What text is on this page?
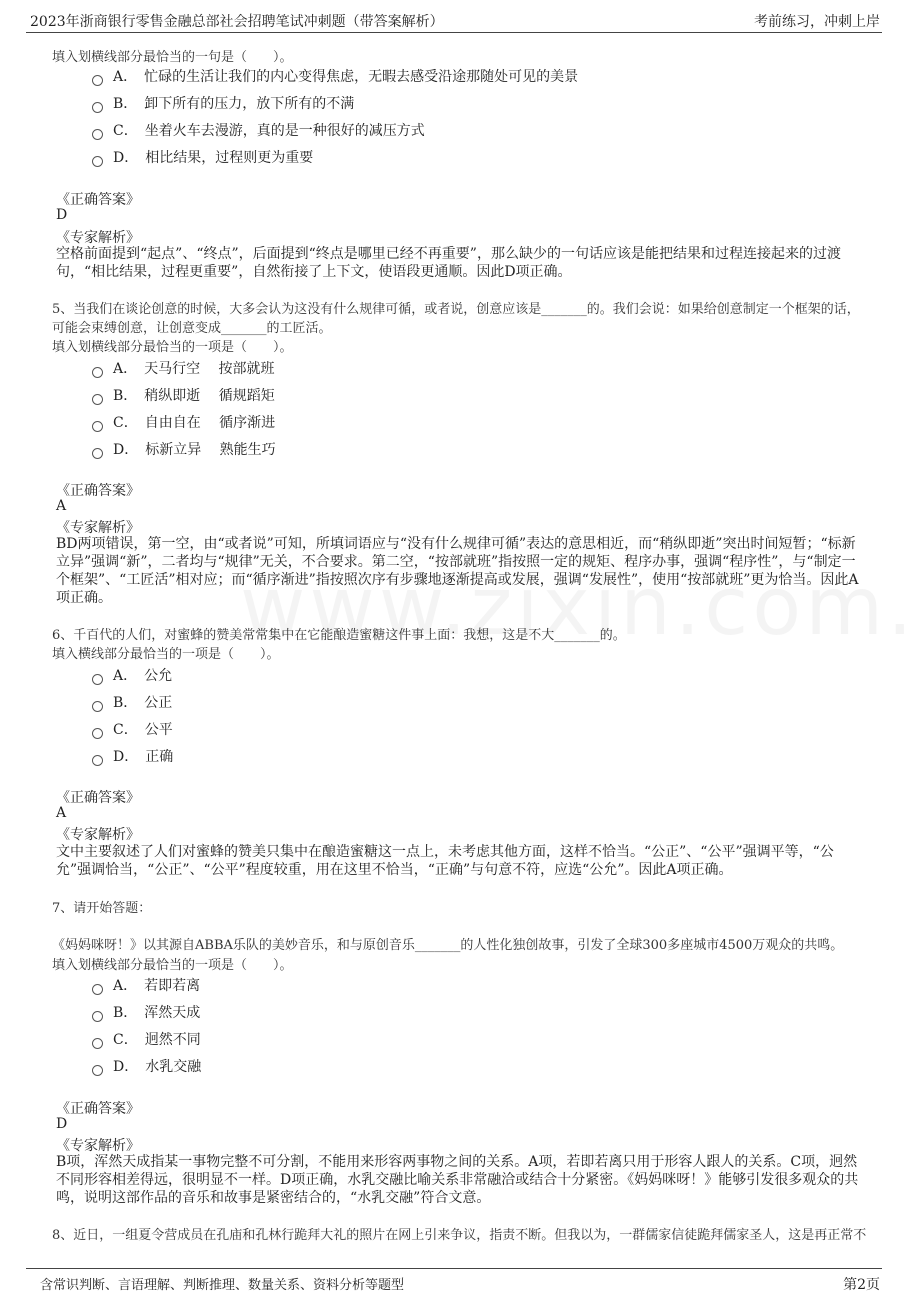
2023年浙商银行零售金融总部社会招聘笔试冲刺题（带答案解析）	考前练习，冲刺上岸
填入划横线部分最恰当的一句是（　　）。
A．　忙碌的生活让我们的内心变得焦虑，无暇去感受沿途那随处可见的美景
B．　卸下所有的压力，放下所有的不满
C．　坐着火车去漫游，真的是一种很好的减压方式
D．　相比结果，过程则更为重要
《正确答案》
D
《专家解析》
空格前面提到“起点”、“终点”，后面提到“终点是哪里已经不再重要”，那么缺少的一句话应该是能把结果和过程连接起来的过渡句，“相比结果，过程更重要”，自然衔接了上下文，使语段更通顺。因此D项正确。
5、当我们在谈论创意的时候，大多会认为这没有什么规律可循，或者说，创意应该是_______的。我们会说：如果给创意制定一个框架的话，
可能会束缚创意，让创意变成_______的工匠活。
填入划横线部分最恰当的一项是（　　）。
A．　天马行空　 按部就班
B．　稍纵即逝　 循规蹈矩
C．　自由自在　 循序渐进
D．　标新立异　 熟能生巧
《正确答案》
A
《专家解析》
BD两项错误，第一空，由“或者说”可知，所填词语应与“没有什么规律可循”表达的意思相近，而“稍纵即逝”突出时间短暂；“标新立异”强调“新”，二者均与“规律”无关，不合要求。第二空，“按部就班”指按照一定的规矩、程序办事，强调“程序性”，与“制定一个框架”、“工匠活”相对应；而“循序渐进”指按照次序有步骤地逐渐提高或发展，强调“发展性”，使用“按部就班”更为恰当。因此A项正确。
6、千百代的人们，对蜜蜂的赞美常常集中在它能酿造蜜糖这件事上面：我想，这是不大_______的。
填入横线部分最恰当的一项是（　　）。
A．　公允
B．　公正
C．　公平
D．　正确
《正确答案》
A
《专家解析》
文中主要叙述了人们对蜜蜂的赞美只集中在酿造蜜糖这一点上，未考虑其他方面，这样不恰当。“公正”、“公平”强调平等，“公允”强调恰当，“公正”、“公平”程度较重，用在这里不恰当，“正确”与句意不符，应选“公允”。因此A项正确。
7、请开始答题：
《妈妈咪呀！》以其源自ABBA乐队的美妙音乐，和与原创音乐_______的人性化独创故事，引发了全球300多座城市4500万观众的共鸣。
填入划横线部分最恰当的一项是（　　）。
A．　若即若离
B．　浑然天成
C．　迥然不同
D．　水乳交融
《正确答案》
D
《专家解析》
B项，浑然天成指某一事物完整不可分割，不能用来形容两事物之间的关系。A项，若即若离只用于形容人跟人的关系。C项，迥然不同形容相差得远，很明显不一样。D项正确，水乳交融比喻关系非常融洽或结合十分紧密。《妈妈咪呀！》能够引发很多观众的共鸣，说明这部作品的音乐和故事是紧密结合的，“水乳交融”符合文意。
8、近日，一组夏令营成员在孔庙和孔林行跪拜大礼的照片在网上引来争议，指责不断。但我以为，一群儒家信徒跪拜儒家圣人，这是再正常不
含常识判断、言语理解、判断推理、数量关系、资料分析等题型	第2页
